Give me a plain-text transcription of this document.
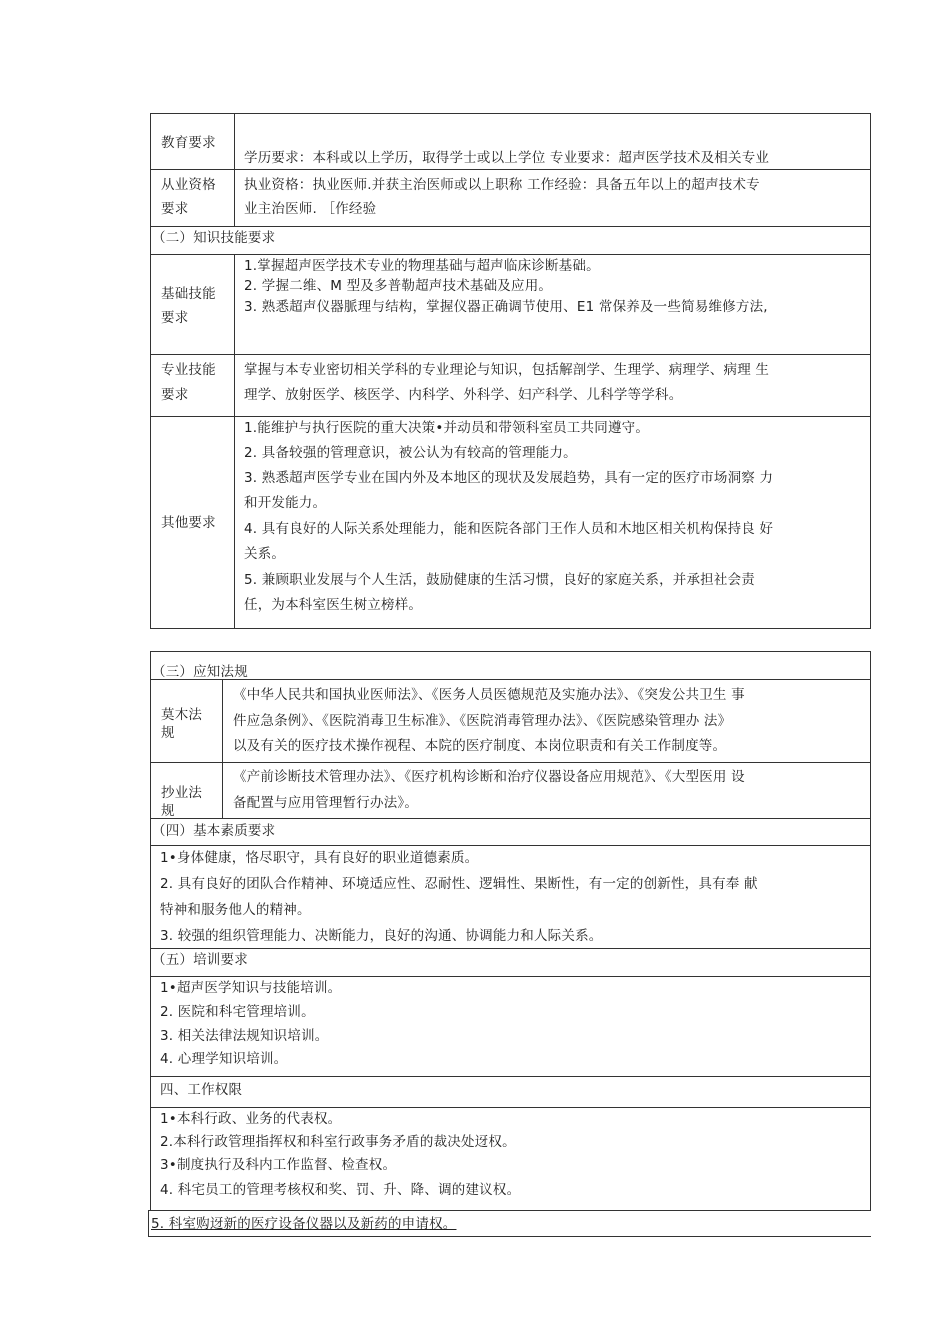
教育要求
学历要求：本科或以上学历，取得学士或以上学位 专业要求：超声医学技术及相关专业
从业资格
要求
执业资格：执业医师.并获主治医师或以上职称 工作经验：具备五年以上的超声技术专
业主治医师. ［作经验
（二）知识技能要求
基础技能
要求
1.掌握超声医学技术专业的物理基础与超声临床诊断基础。
2. 学握二维、M 型及多普勒超声技术基础及应用。
3. 熟悉超声仪器脈理与结构，掌握仪器正确调节使用、E1 常保养及一些简易维修方法,
专业技能
要求
掌握与本专业密切相关学科的专业理论与知识，包括解剖学、生理学、病理学、病理 生
理学、放射医学、核医学、内科学、外科学、妇产科学、儿科学等学科。
其他要求
1.能维护与执行医院的重大决策•并动员和带领科室员工共同遵守。
2. 具备较强的管理意识，被公认为有较高的管理能力。
3. 熟悉超声医学专业在国内外及本地区的现状及发展趋势，具有一定的医疗市场洞察 力
和开发能力。
4. 具有良好的人际关系处理能力，能和医院各部门王作人员和木地区相关机构保持良 好
关系。
5. 兼顾职业发展与个人生活，鼓励健康的生活习惯，良好的家庭关系，并承担社会责
任，为本科室医生树立榜样。
（三）应知法规
莫木法
规
《中华人民共和国执业医师法》、《医务人员医德规范及实施办法》、《突发公共卫生 事
件应急条例》、《医院消毒卫生标准》、《医院消毒管理办法》、《医院感染管理办 法》
以及有关的医疗技术操作视程、本院的医疗制度、本岗位职责和有关工作制度等。
抄业法
规
《产前诊断技术管理办法》、《医疗机构诊断和治疗仪器设备应用规范》、《大型医用 设
备配置与应用管理暂行办法》。
（四）基本素质要求
1•身体健康，恪尽职守，具有良好的职业道德素质。
2. 具有良好的团队合作精神、环境适应性、忍耐性、逻辑性、果断性，有一定的创新性，具有奉 献
特神和服务他人的精神。
3. 较强的组织管理能力、决断能力，良好的沟通、协调能力和人际关系。
（五）培训要求
1•超声医学知识与技能培训。
2. 医院和科宅管理培训。
3. 相关法律法规知识培训。
4. 心理学知识培训。
四、工作权限
1•本科行政、业务的代表权。
2.本科行政管理指挥权和科室行政事务矛盾的裁决处迓权。
3•制度执行及科内工作监督、检查权。
4. 科宅员工的管理考核权和奖、罚、升、降、调的建议权。
5. 科室购迓新的医疗设备仪器以及新药的申请权。
